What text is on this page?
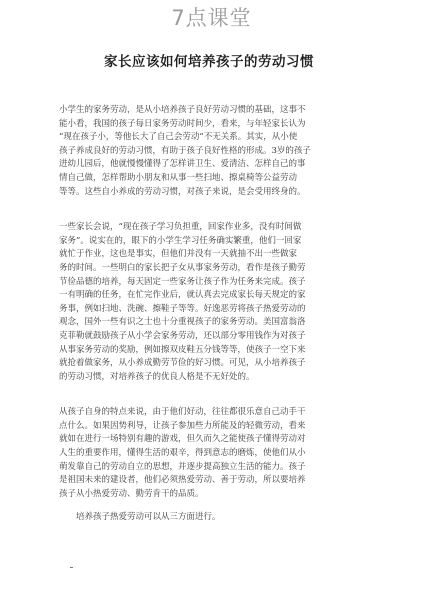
7点课堂
家长应该如何培养孩子的劳动习惯
小学生的家务劳动，是从小培养孩子良好劳动习惯的基础，这事不
能小看，我国的孩子每日家务劳动时间少，看来，与年轻家长认为
“现在孩子小，等他长大了自己会劳动”不无关系。其实，从小使
孩子养成良好的劳动习惯，有助于孩子良好性格的形成。3岁的孩子
进幼儿园后，他就慢慢懂得了怎样讲卫生、爱清洁、怎样自己的事
情自己做，怎样帮助小朋友和从事一些扫地、擦桌椅等公益劳动
等等。这些自小养成的劳动习惯，对孩子来说，是会受用终身的。
一些家长会说，“现在孩子学习负担重，回家作业多，没有时间做
家务”。说实在的，眼下的小学生学习任务确实繁重，他们一回家
就忙于作业，这也是事实，但他们并没有一天就抽不出一些做家
务的时间。一些明白的家长把子女从事家务劳动，看作是孩子勤劳
节俭品德的培养，每天固定一些家务让孩子作为任务来完成。孩子
一有明确的任务，在忙完作业后，就认真去完成家长每天规定的家
务事，例如扫地、洗碗、擦鞋子等等。好逸恶劳将孩子热爱劳动的
观念，国外一些有识之士也十分重视孩子的家务劳动。美国富翁洛
克菲勒就鼓励孩子从小学会家务劳动，还以部分零用钱作为对孩子
从事家务劳动的奖励，例如擦双皮鞋五分钱等等，使孩子一空下来
就抢着做家务，从小养成勤劳节俭的好习惯。可见，从小培养孩子
的劳动习惯，对培养孩子的优良人格是不无好处的。
从孩子自身的特点来说，由于他们好动，往往都很乐意自己动手干
点什么。如果因势利导，让孩子参加些力所能及的轻微劳动，看来
就如在进行一场特别有趣的游戏，但久而久之能使孩子懂得劳动对
人生的重要作用，懂得生活的艰辛，得到意志的磨炼，使他们从小
萌发靠自己的劳动自立的思想，并逐步提高独立生活的能力。孩子
是祖国未来的建设者，他们必须热爱劳动、善于劳动，所以要培养
孩子从小热爱劳动、勤劳肯干的品质。
培养孩子热爱劳动可以从三方面进行。
